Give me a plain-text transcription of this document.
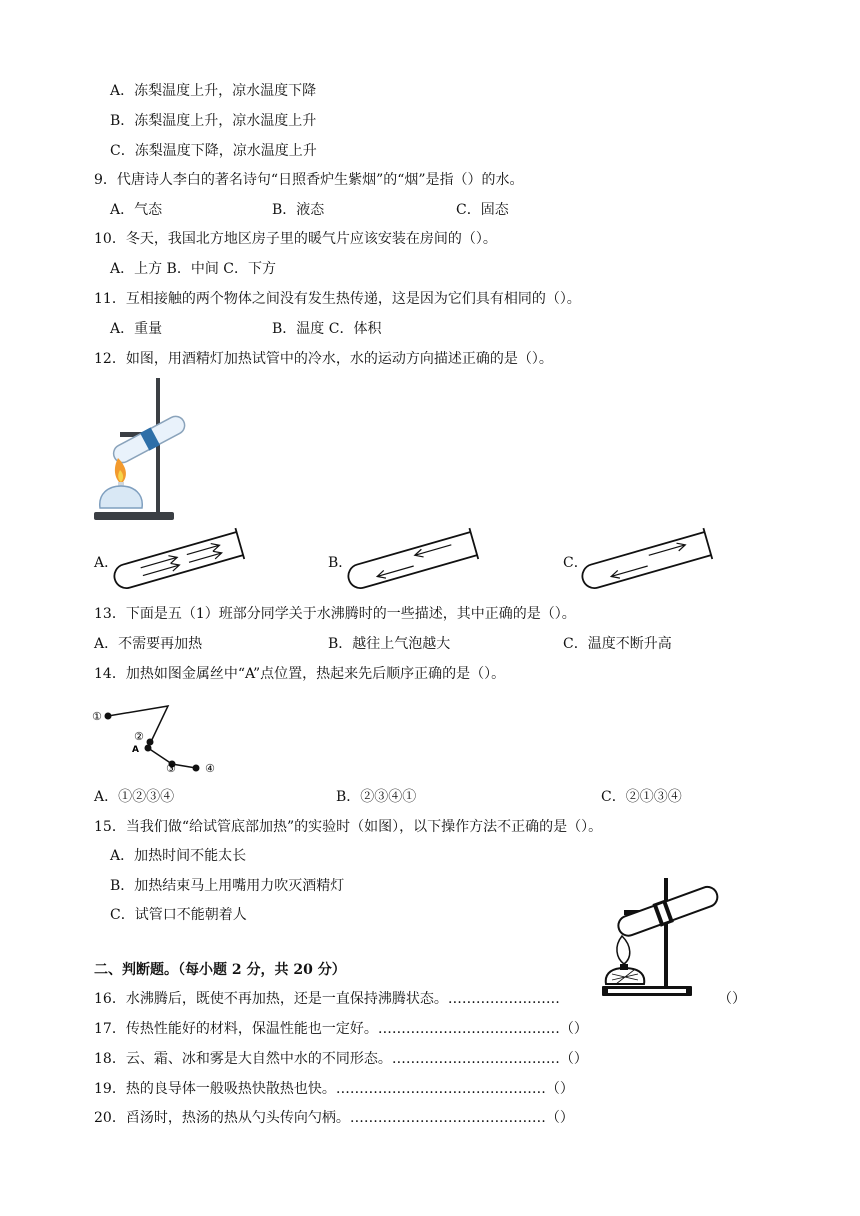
A．冻梨温度上升，凉水温度下降
B．冻梨温度上升，凉水温度上升
C．冻梨温度下降，凉水温度上升
9．代唐诗人李白的著名诗句“日照香炉生紫烟”的“烟”是指（）的水。
A．气态	B．液态	C．固态
10．冬天，我国北方地区房子里的暖气片应该安装在房间的（）。
A．上方 B．中间 C．下方
11．互相接触的两个物体之间没有发生热传递，这是因为它们具有相同的（）。
A．重量	B．温度 C．体积
12．如图，用酒精灯加热试管中的冷水，水的运动方向描述正确的是（）。
A．	B．	C．
13．下面是五（1）班部分同学关于水沸腾时的一些描述，其中正确的是（）。
A．不需要再加热	B．越往上气泡越大	C．温度不断升高
14．加热如图金属丝中“A”点位置，热起来先后顺序正确的是（）。
①
②
A
③	④
A．①②③④	B．②③④①	C．②①③④
15．当我们做“给试管底部加热”的实验时（如图），以下操作方法不正确的是（）。
A．加热时间不能太长
B．加热结束马上用嘴用力吹灭酒精灯
C．试管口不能朝着人
二、判断题。（每小题 2 分，共 20 分）
16．水沸腾后，既使不再加热，还是一直保持沸腾状态。……………………	（）
17．传热性能好的材料，保温性能也一定好。…………………………………（）
18．云、霜、冰和雾是大自然中水的不同形态。………………………………（）
19．热的良导体一般吸热快散热也快。………………………………………（）
20．舀汤时，热汤的热从勺头传向勺柄。……………………………………（）
